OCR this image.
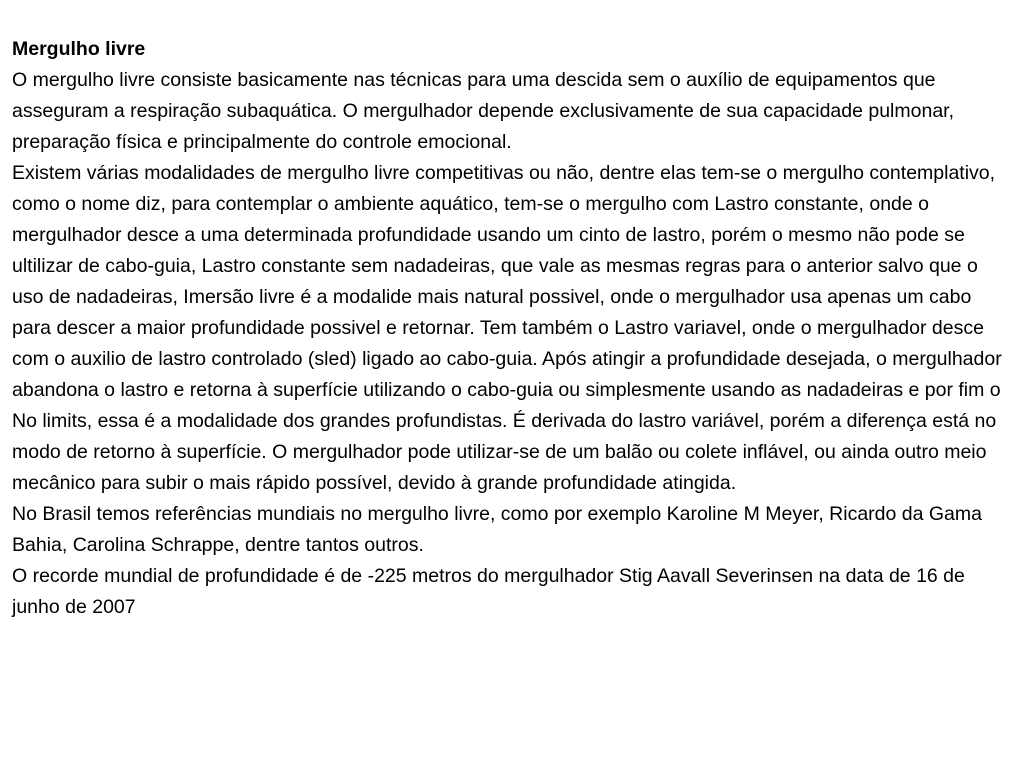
Mergulho livre

O mergulho livre consiste basicamente nas técnicas para uma descida sem o auxílio de equipamentos que asseguram a respiração subaquática. O mergulhador depende exclusivamente de sua capacidade pulmonar, preparação física e principalmente do controle emocional.

Existem várias modalidades de mergulho livre competitivas ou não, dentre elas tem-se o mergulho contemplativo, como o nome diz, para contemplar o ambiente aquático, tem-se o mergulho com Lastro constante, onde o mergulhador desce a uma determinada profundidade usando um cinto de lastro, porém o mesmo não pode se ultilizar de cabo-guia, Lastro constante sem nadadeiras, que vale as mesmas regras para o anterior salvo que o uso de nadadeiras, Imersão livre é a modalide mais natural possivel, onde o mergulhador usa apenas um cabo para descer a maior profundidade possivel e retornar. Tem também o Lastro variavel, onde o mergulhador desce com o auxilio de lastro controlado (sled) ligado ao cabo-guia. Após atingir a profundidade desejada, o mergulhador abandona o lastro e retorna à superfície utilizando o cabo-guia ou simplesmente usando as nadadeiras e por fim o No limits, essa é a modalidade dos grandes profundistas. É derivada do lastro variável, porém a diferença está no modo de retorno à superfície. O mergulhador pode utilizar-se de um balão ou colete inflável, ou ainda outro meio mecânico para subir o mais rápido possível, devido à grande profundidade atingida.

No Brasil temos referências mundiais no mergulho livre, como por exemplo Karoline M Meyer, Ricardo da Gama Bahia, Carolina Schrappe, dentre tantos outros.

O recorde mundial de profundidade é de -225 metros do mergulhador Stig Aavall Severinsen na data de 16 de junho de 2007
